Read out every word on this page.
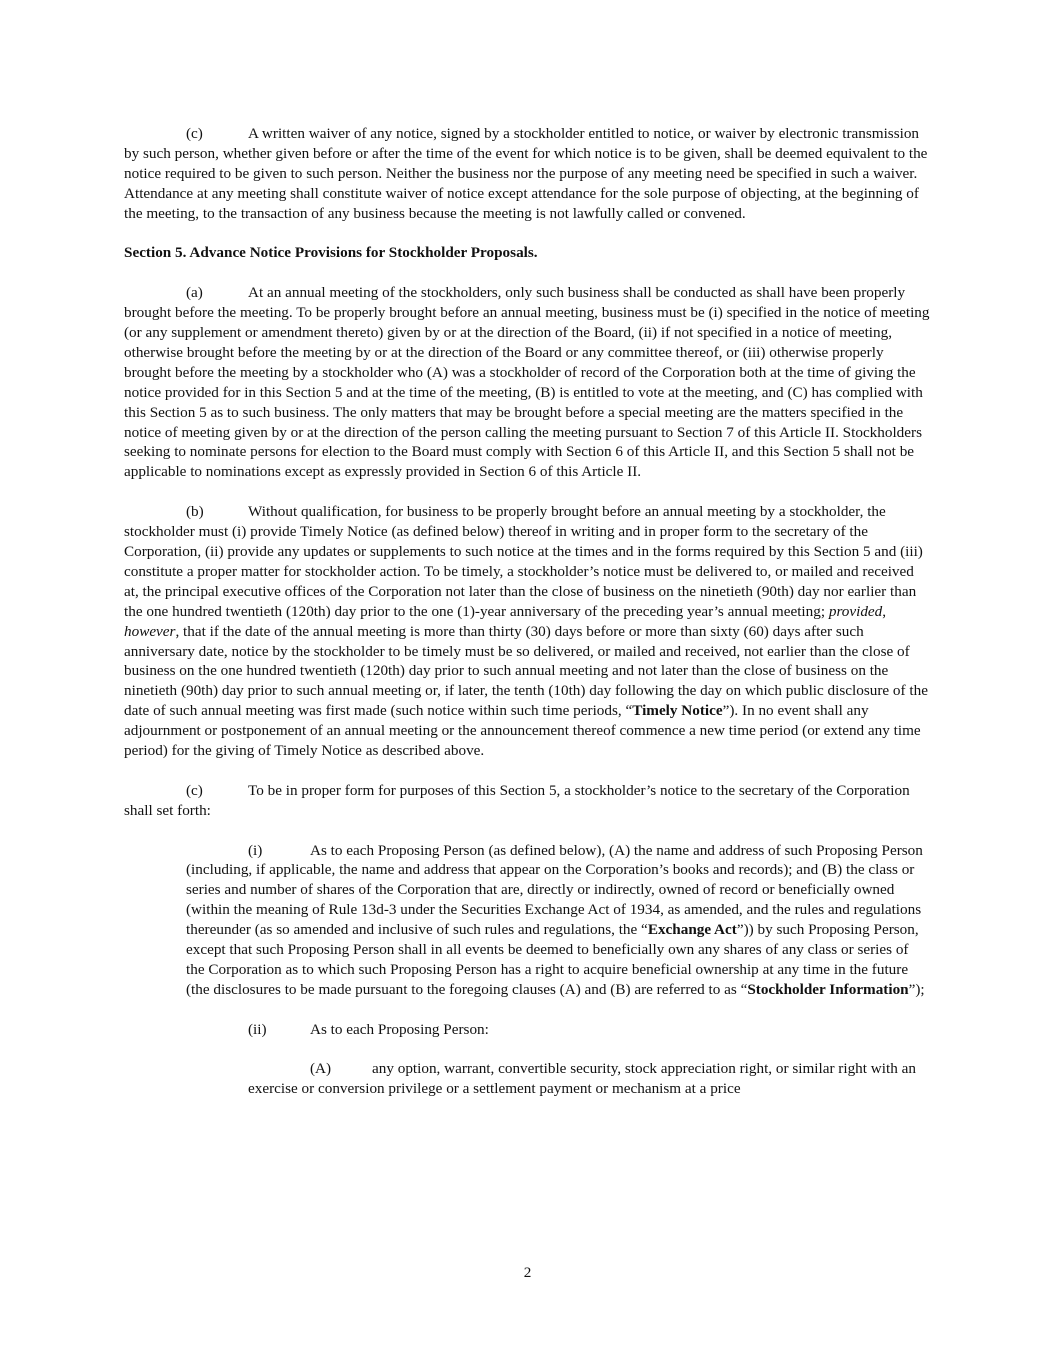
(c)	A written waiver of any notice, signed by a stockholder entitled to notice, or waiver by electronic transmission by such person, whether given before or after the time of the event for which notice is to be given, shall be deemed equivalent to the notice required to be given to such person. Neither the business nor the purpose of any meeting need be specified in such a waiver. Attendance at any meeting shall constitute waiver of notice except attendance for the sole purpose of objecting, at the beginning of the meeting, to the transaction of any business because the meeting is not lawfully called or convened.

Section 5. Advance Notice Provisions for Stockholder Proposals.

(a)	At an annual meeting of the stockholders, only such business shall be conducted as shall have been properly brought before the meeting. To be properly brought before an annual meeting, business must be (i) specified in the notice of meeting (or any supplement or amendment thereto) given by or at the direction of the Board, (ii) if not specified in a notice of meeting, otherwise brought before the meeting by or at the direction of the Board or any committee thereof, or (iii) otherwise properly brought before the meeting by a stockholder who (A) was a stockholder of record of the Corporation both at the time of giving the notice provided for in this Section 5 and at the time of the meeting, (B) is entitled to vote at the meeting, and (C) has complied with this Section 5 as to such business. The only matters that may be brought before a special meeting are the matters specified in the notice of meeting given by or at the direction of the person calling the meeting pursuant to Section 7 of this Article II. Stockholders seeking to nominate persons for election to the Board must comply with Section 6 of this Article II, and this Section 5 shall not be applicable to nominations except as expressly provided in Section 6 of this Article II.

(b)	Without qualification, for business to be properly brought before an annual meeting by a stockholder, the stockholder must (i) provide Timely Notice (as defined below) thereof in writing and in proper form to the secretary of the Corporation, (ii) provide any updates or supplements to such notice at the times and in the forms required by this Section 5 and (iii) constitute a proper matter for stockholder action. To be timely, a stockholder’s notice must be delivered to, or mailed and received at, the principal executive offices of the Corporation not later than the close of business on the ninetieth (90th) day nor earlier than the one hundred twentieth (120th) day prior to the one (1)-year anniversary of the preceding year’s annual meeting; provided, however, that if the date of the annual meeting is more than thirty (30) days before or more than sixty (60) days after such anniversary date, notice by the stockholder to be timely must be so delivered, or mailed and received, not earlier than the close of business on the one hundred twentieth (120th) day prior to such annual meeting and not later than the close of business on the ninetieth (90th) day prior to such annual meeting or, if later, the tenth (10th) day following the day on which public disclosure of the date of such annual meeting was first made (such notice within such time periods, “Timely Notice”). In no event shall any adjournment or postponement of an annual meeting or the announcement thereof commence a new time period (or extend any time period) for the giving of Timely Notice as described above.

(c)	To be in proper form for purposes of this Section 5, a stockholder’s notice to the secretary of the Corporation shall set forth:

(i)	As to each Proposing Person (as defined below), (A) the name and address of such Proposing Person (including, if applicable, the name and address that appear on the Corporation’s books and records); and (B) the class or series and number of shares of the Corporation that are, directly or indirectly, owned of record or beneficially owned (within the meaning of Rule 13d-3 under the Securities Exchange Act of 1934, as amended, and the rules and regulations thereunder (as so amended and inclusive of such rules and regulations, the “Exchange Act”)) by such Proposing Person, except that such Proposing Person shall in all events be deemed to beneficially own any shares of any class or series of the Corporation as to which such Proposing Person has a right to acquire beneficial ownership at any time in the future (the disclosures to be made pursuant to the foregoing clauses (A) and (B) are referred to as “Stockholder Information”);

(ii)	As to each Proposing Person:

(A)	any option, warrant, convertible security, stock appreciation right, or similar right with an exercise or conversion privilege or a settlement payment or mechanism at a price

2
